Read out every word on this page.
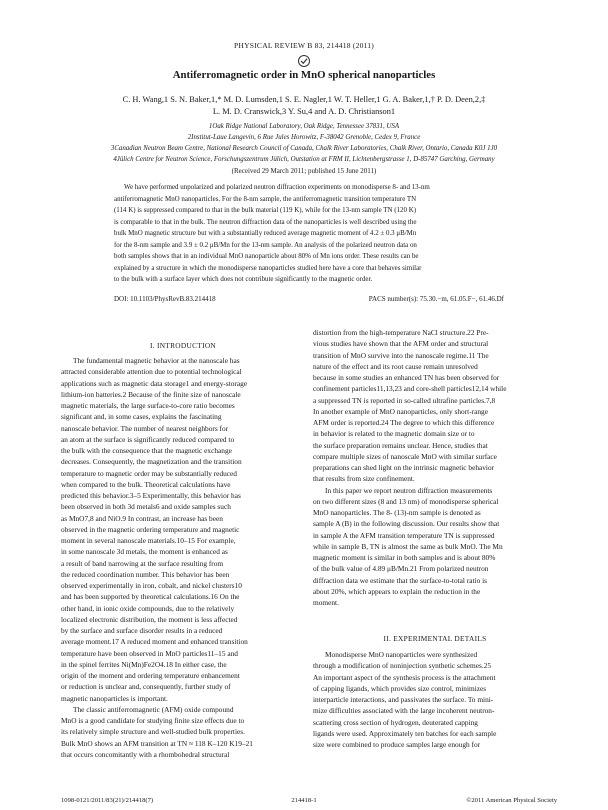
PHYSICAL REVIEW B 83, 214418 (2011)
Antiferromagnetic order in MnO spherical nanoparticles
C. H. Wang,1 S. N. Baker,1,* M. D. Lumsden,1 S. E. Nagler,1 W. T. Heller,1 G. A. Baker,1,† P. D. Deen,2,‡
L. M. D. Cranswick,3 Y. Su,4 and A. D. Christianson1
1Oak Ridge National Laboratory, Oak Ridge, Tennessee 37831, USA
2Institut-Laue Langevin, 6 Rue Jules Horowitz, F-38042 Grenoble, Cedex 9, France
3Canadian Neutron Beam Centre, National Research Council of Canada, Chalk River Laboratories, Chalk River, Ontario, Canada K0J 1J0
4Jülich Centre for Neutron Science, Forschungszentrum Jülich, Outstation at FRM II, Lichtenbergstrasse 1, D-85747 Garching, Germany
(Received 29 March 2011; published 15 June 2011)
We have performed unpolarized and polarized neutron diffraction experiments on monodisperse 8- and 13-nm
antiferromagnetic MnO nanoparticles. For the 8-nm sample, the antiferromagnetic transition temperature TN
(114 K) is suppressed compared to that in the bulk material (119 K), while for the 13-nm sample TN (120 K)
is comparable to that in the bulk. The neutron diffraction data of the nanoparticles is well described using the
bulk MnO magnetic structure but with a substantially reduced average magnetic moment of 4.2 ± 0.3 μB/Mn
for the 8-nm sample and 3.9 ± 0.2 μB/Mn for the 13-nm sample. An analysis of the polarized neutron data on
both samples shows that in an individual MnO nanoparticle about 80% of Mn ions order. These results can be
explained by a structure in which the monodisperse nanoparticles studied here have a core that behaves similar
to the bulk with a surface layer which does not contribute significantly to the magnetic order.
DOI: 10.1103/PhysRevB.83.214418	PACS number(s): 75.30.−m, 61.05.F−, 61.46.Df
I. INTRODUCTION
The fundamental magnetic behavior at the nanoscale has
attracted considerable attention due to potential technological
applications such as magnetic data storage1 and energy-storage
lithium-ion batteries.2 Because of the finite size of nanoscale
magnetic materials, the large surface-to-core ratio becomes
significant and, in some cases, explains the fascinating
nanoscale behavior. The number of nearest neighbors for
an atom at the surface is significantly reduced compared to
the bulk with the consequence that the magnetic exchange
decreases. Consequently, the magnetization and the transition
temperature to magnetic order may be substantially reduced
when compared to the bulk. Theoretical calculations have
predicted this behavior.3–5 Experimentally, this behavior has
been observed in both 3d metals6 and oxide samples such
as MnO7,8 and NiO.9 In contrast, an increase has been
observed in the magnetic ordering temperature and magnetic
moment in several nanoscale materials.10–15 For example,
in some nanoscale 3d metals, the moment is enhanced as
a result of band narrowing at the surface resulting from
the reduced coordination number. This behavior has been
observed experimentally in iron, cobalt, and nickel clusters10
and has been supported by theoretical calculations.16 On the
other hand, in ionic oxide compounds, due to the relatively
localized electronic distribution, the moment is less affected
by the surface and surface disorder results in a reduced
average moment.17 A reduced moment and enhanced transition
temperature have been observed in MnO particles11–15 and
in the spinel ferrites Ni(Mn)Fe2O4.18 In either case, the
origin of the moment and ordering temperature enhancement
or reduction is unclear and, consequently, further study of
magnetic nanoparticles is important.
The classic antiferromagnetic (AFM) oxide compound
MnO is a good candidate for studying finite size effects due to
its relatively simple structure and well-studied bulk properties.
Bulk MnO shows an AFM transition at TN ≈ 118 K–120 K19–21
that occurs concomitantly with a rhombohedral structural
distortion from the high-temperature NaCl structure.22 Pre-
vious studies have shown that the AFM order and structural
transition of MnO survive into the nanoscale regime.11 The
nature of the effect and its root cause remain unresolved
because in some studies an enhanced TN has been observed for
confinement particles11,13,23 and core-shell particles12,14 while
a suppressed TN is reported in so-called ultrafine particles.7,8
In another example of MnO nanoparticles, only short-range
AFM order is reported.24 The degree to which this difference
in behavior is related to the magnetic domain size or to
the surface preparation remains unclear. Hence, studies that
compare multiple sizes of nanoscale MnO with similar surface
preparations can shed light on the intrinsic magnetic behavior
that results from size confinement.
In this paper we report neutron diffraction measurements
on two different sizes (8 and 13 nm) of monodisperse spherical
MnO nanoparticles. The 8- (13)-nm sample is denoted as
sample A (B) in the following discussion. Our results show that
in sample A the AFM transition temperature TN is suppressed
while in sample B, TN is almost the same as bulk MnO. The Mn
magnetic moment is similar in both samples and is about 80%
of the bulk value of 4.89 μB/Mn.21 From polarized neutron
diffraction data we estimate that the surface-to-total ratio is
about 20%, which appears to explain the reduction in the
moment.
II. EXPERIMENTAL DETAILS
Monodisperse MnO nanoparticles were synthesized
through a modification of noninjection synthetic schemes.25
An important aspect of the synthesis process is the attachment
of capping ligands, which provides size control, minimizes
interparticle interactions, and passivates the surface. To mini-
mize difficulties associated with the large incoherent neutron-
scattering cross section of hydrogen, deuterated capping
ligands were used. Approximately ten batches for each sample
size were combined to produce samples large enough for
1098-0121/2011/83(21)/214418(7)	214418-1	©2011 American Physical Society
